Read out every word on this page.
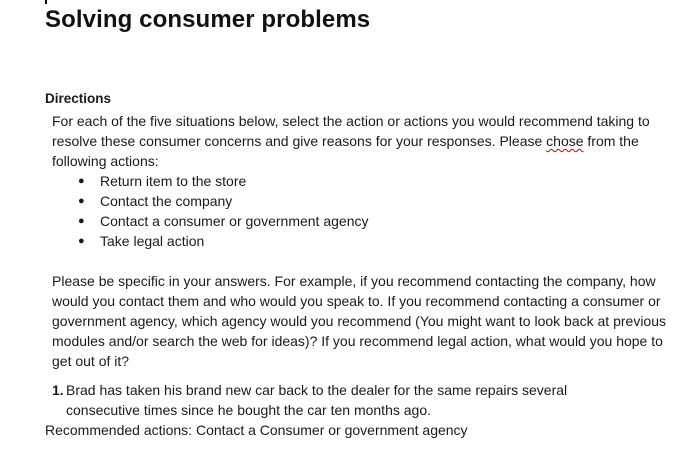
Solving consumer problems
Directions
For each of the five situations below, select the action or actions you would recommend taking to resolve these consumer concerns and give reasons for your responses. Please chose from the following actions:
● Return item to the store
● Contact the company
● Contact a consumer or government agency
● Take legal action
Please be specific in your answers. For example, if you recommend contacting the company, how would you contact them and who would you speak to. If you recommend contacting a consumer or government agency, which agency would you recommend (You might want to look back at previous modules and/or search the web for ideas)? If you recommend legal action, what would you hope to get out of it?
1. Brad has taken his brand new car back to the dealer for the same repairs several consecutive times since he bought the car ten months ago.
Recommended actions: Contact a Consumer or government agency
